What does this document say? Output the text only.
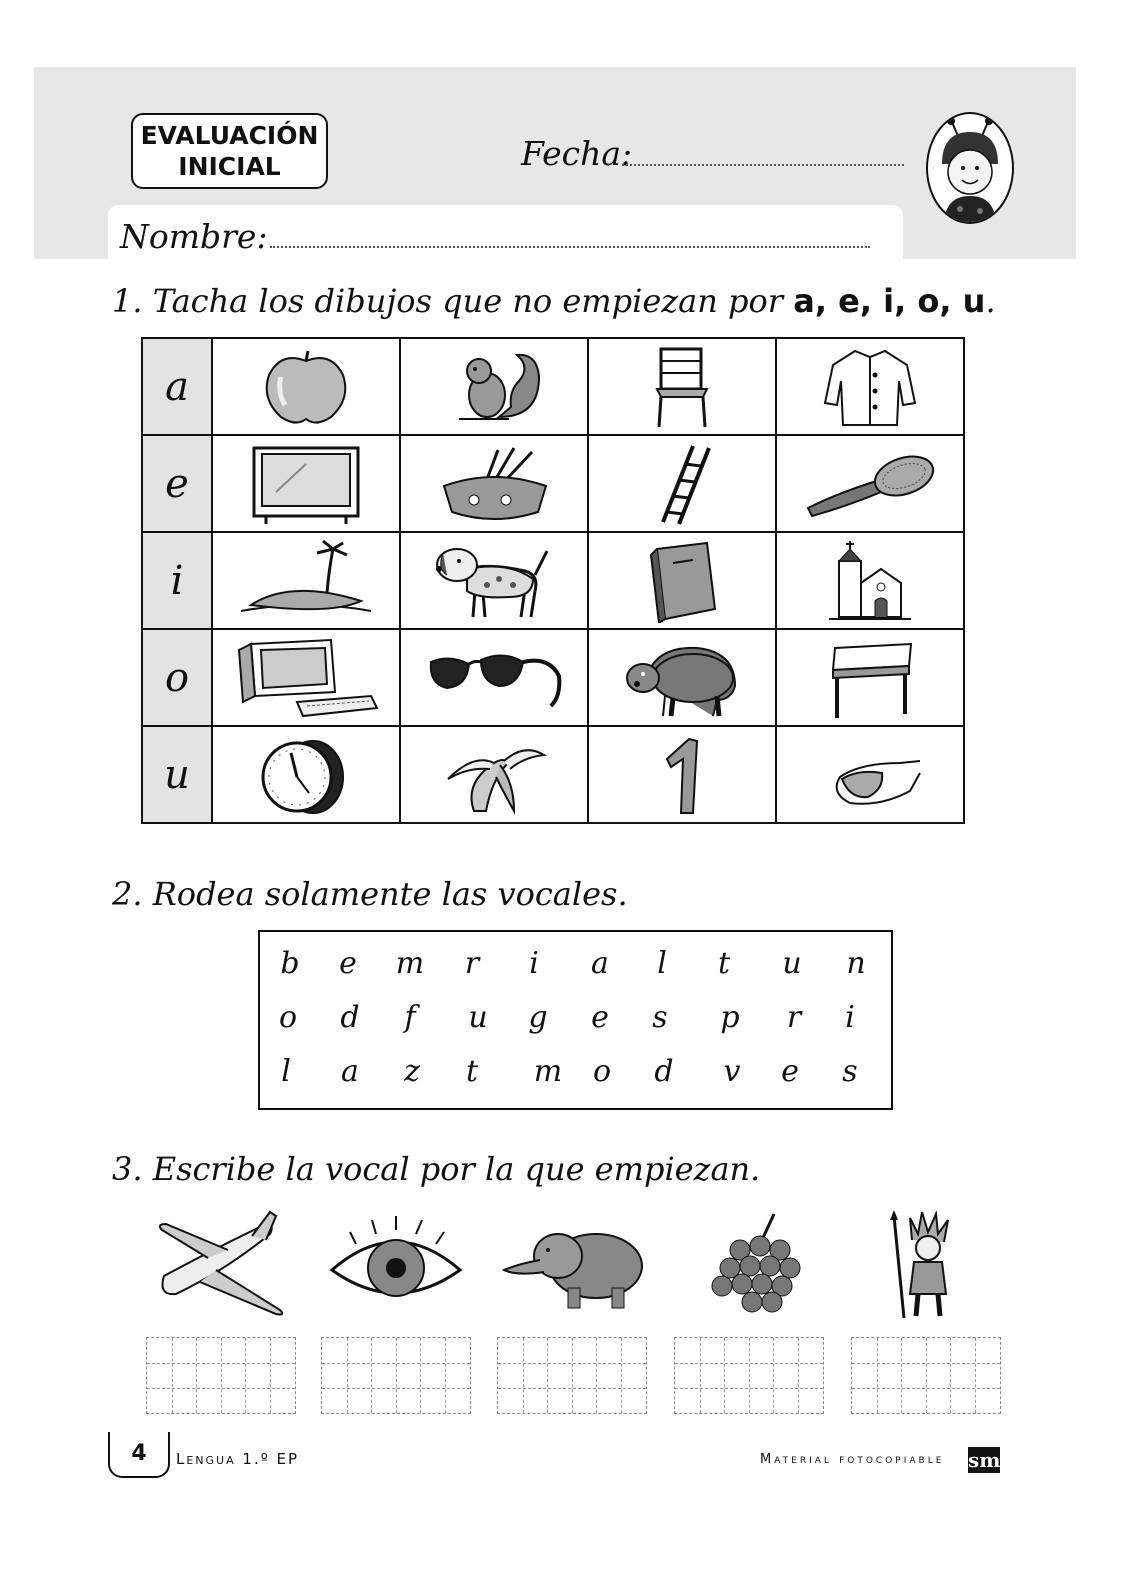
EVALUACIÓN
INICIAL	Fecha:
Nombre:
1. Tacha los dibujos que no empiezan por a, e, i, o, u.
a	

e	

i	

o	

u	

2. Rodea solamente las vocales.
b e m r i a l t u n
o d f u g e s p r i
l a z t m o d v e s
3. Escribe la vocal por la que empiezan.
4	Lengua 1.º EP	Material fotocopiable sm
